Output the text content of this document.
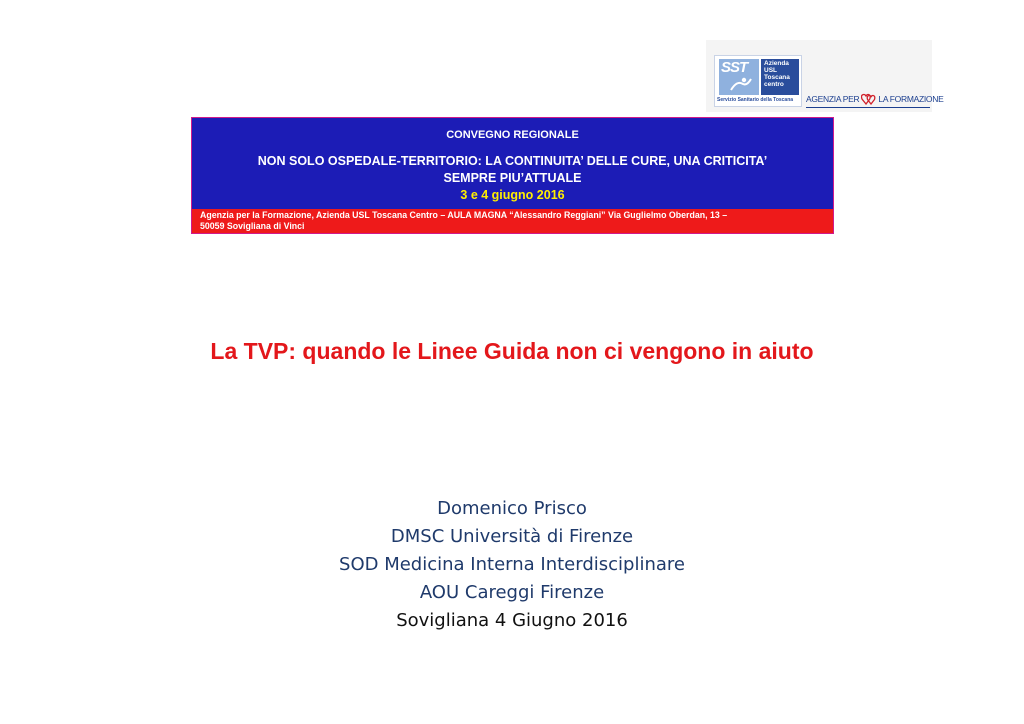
SST	Azienda
USL
Toscana
centro
Servizio Sanitario della Toscana	AGENZIA PER LA FORMAZIONE
CONVEGNO REGIONALE
NON SOLO OSPEDALE-TERRITORIO: LA CONTINUITA’ DELLE CURE, UNA CRITICITA’
SEMPRE PIU’ATTUALE
3 e 4 giugno 2016
Agenzia per la Formazione, Azienda USL Toscana Centro – AULA MAGNA “Alessandro Reggiani” Via Guglielmo Oberdan, 13 –
50059 Sovigliana di Vinci
La TVP: quando le Linee Guida non ci vengono in aiuto
Domenico Prisco
DMSC Università di Firenze
SOD Medicina Interna Interdisciplinare
AOU Careggi Firenze
Sovigliana 4 Giugno 2016
